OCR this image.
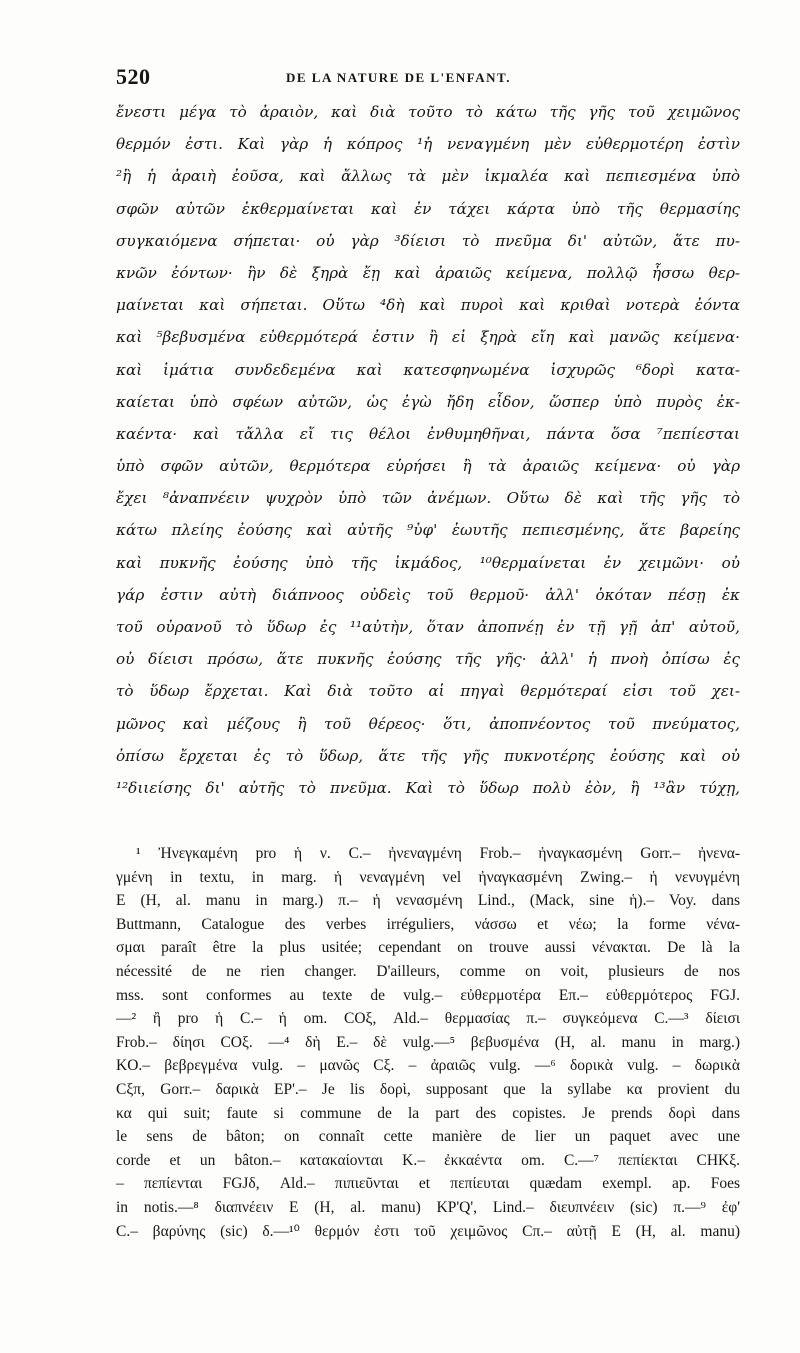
520	DE LA NATURE DE L'ENFANT.
ἔνεστι μέγα τὸ ἀραιὸν, καὶ διὰ τοῦτο τὸ κάτω τῆς γῆς τοῦ χειμῶνος
θερμόν ἐστι. Καὶ γὰρ ἡ κόπρος ¹ἡ νεναγμένη μὲν εὐθερμοτέρη ἐστὶν
²ἢ ἡ ἀραιὴ ἐοῦσα, καὶ ἄλλως τὰ μὲν ἰκμαλέα καὶ πεπιεσμένα ὑπὸ
σφῶν αὐτῶν ἐκθερμαίνεται καὶ ἐν τάχει κάρτα ὑπὸ τῆς θερμασίης
συγκαιόμενα σήπεται· οὐ γὰρ ³δίεισι τὸ πνεῦμα δι' αὐτῶν, ἅτε πυ-
κνῶν ἐόντων· ἢν δὲ ξηρὰ ἔῃ καὶ ἀραιῶς κείμενα, πολλῷ ἧσσω θερ-
μαίνεται καὶ σήπεται. Οὕτω ⁴δὴ καὶ πυροὶ καὶ κριθαὶ νοτερὰ ἐόντα
καὶ ⁵βεβυσμένα εὐθερμότερά ἐστιν ἢ εἰ ξηρὰ εἴη καὶ μανῶς κείμενα·
καὶ ἱμάτια συνδεδεμένα καὶ κατεσφηνωμένα ἰσχυρῶς ⁶δορὶ κατα-
καίεται ὑπὸ σφέων αὐτῶν, ὡς ἐγὼ ἤδη εἶδον, ὥσπερ ὑπὸ πυρὸς ἐκ-
καέντα· καὶ τἄλλα εἴ τις θέλοι ἐνθυμηθῆναι, πάντα ὅσα ⁷πεπίεσται
ὑπὸ σφῶν αὐτῶν, θερμότερα εὑρήσει ἢ τὰ ἀραιῶς κείμενα· οὐ γὰρ
ἔχει ⁸ἀναπνέειν ψυχρὸν ὑπὸ τῶν ἀνέμων. Οὕτω δὲ καὶ τῆς γῆς τὸ
κάτω πλείης ἐούσης καὶ αὐτῆς ⁹ὑφ' ἑωυτῆς πεπιεσμένης, ἅτε βαρείης
καὶ πυκνῆς ἐούσης ὑπὸ τῆς ἰκμάδος, ¹⁰θερμαίνεται ἐν χειμῶνι· οὐ
γάρ ἐστιν αὐτὴ διάπνοος οὐδεὶς τοῦ θερμοῦ· ἀλλ' ὁκόταν πέσῃ ἐκ
τοῦ οὐρανοῦ τὸ ὕδωρ ἐς ¹¹αὐτὴν, ὅταν ἀποπνέῃ ἐν τῇ γῇ ἀπ' αὐτοῦ,
οὐ δίεισι πρόσω, ἅτε πυκνῆς ἐούσης τῆς γῆς· ἀλλ' ἡ πνοὴ ὀπίσω ἐς
τὸ ὕδωρ ἔρχεται. Καὶ διὰ τοῦτο αἱ πηγαὶ θερμότεραί εἰσι τοῦ χει-
μῶνος καὶ μέζους ἢ τοῦ θέρεος· ὅτι, ἀποπνέοντος τοῦ πνεύματος,
ὀπίσω ἔρχεται ἐς τὸ ὕδωρ, ἅτε τῆς γῆς πυκνοτέρης ἐούσης καὶ οὐ
¹²διιείσης δι' αὐτῆς τὸ πνεῦμα. Καὶ τὸ ὕδωρ πολὺ ἐὸν, ἢ ¹³ἂν τύχῃ,
¹ Ἠνεγκαμένη pro ἡ ν. C.– ἠνεναγμένη Frob.– ἠναγκασμένη Gorr.– ἠνενα-
γμένη in textu, in marg. ἡ νεναγμένη vel ἠναγκασμένη Zwing.– ἡ νενυγμένη
E (H, al. manu in marg.) π.– ἡ νενασμένη Lind., (Mack, sine ἡ).– Voy. dans
Buttmann, Catalogue des verbes irréguliers, νάσσω et νέω; la forme νένα-
σμαι paraît être la plus usitée; cependant on trouve aussi νένακται. De là la
nécessité de ne rien changer. D'ailleurs, comme on voit, plusieurs de nos
mss. sont conformes au texte de vulg.– εὐθερμοτέρα Eπ.– εὐθερμότερος FGJ.
—² ἢ pro ἡ C.– ἡ om. COξ, Ald.– θερμασίας π.– συγκεόμενα C.—³ δίεισι
Frob.– δίησι COξ. —⁴ δὴ E.– δὲ vulg.—⁵ βεβυσμένα (H, al. manu in marg.)
KO.– βεβρεγμένα vulg. – μανῶς Cξ. – ἀραιῶς vulg. —⁶ δορικὰ vulg. – δωρικὰ
Cξπ, Gorr.– δαρικὰ EP'.– Je lis δορὶ, supposant que la syllabe κα provient du
κα qui suit; faute si commune de la part des copistes. Je prends δορὶ dans
le sens de bâton; on connaît cette manière de lier un paquet avec une
corde et un bâton.– κατακαίονται K.– ἐκκαέντα om. C.—⁷ πεπίεκται CHKξ.
– πεπίενται FGJδ, Ald.– πιπιεῦνται et πεπίευται quædam exempl. ap. Foes
in notis.—⁸ διαπνέειν E (H, al. manu) KP'Q', Lind.– διευπνέειν (sic) π.—⁹ ἐφ'
C.– βαρύνης (sic) δ.—¹⁰ θερμόν ἐστι τοῦ χειμῶνος Cπ.– αὐτῇ E (H, al. manu)
